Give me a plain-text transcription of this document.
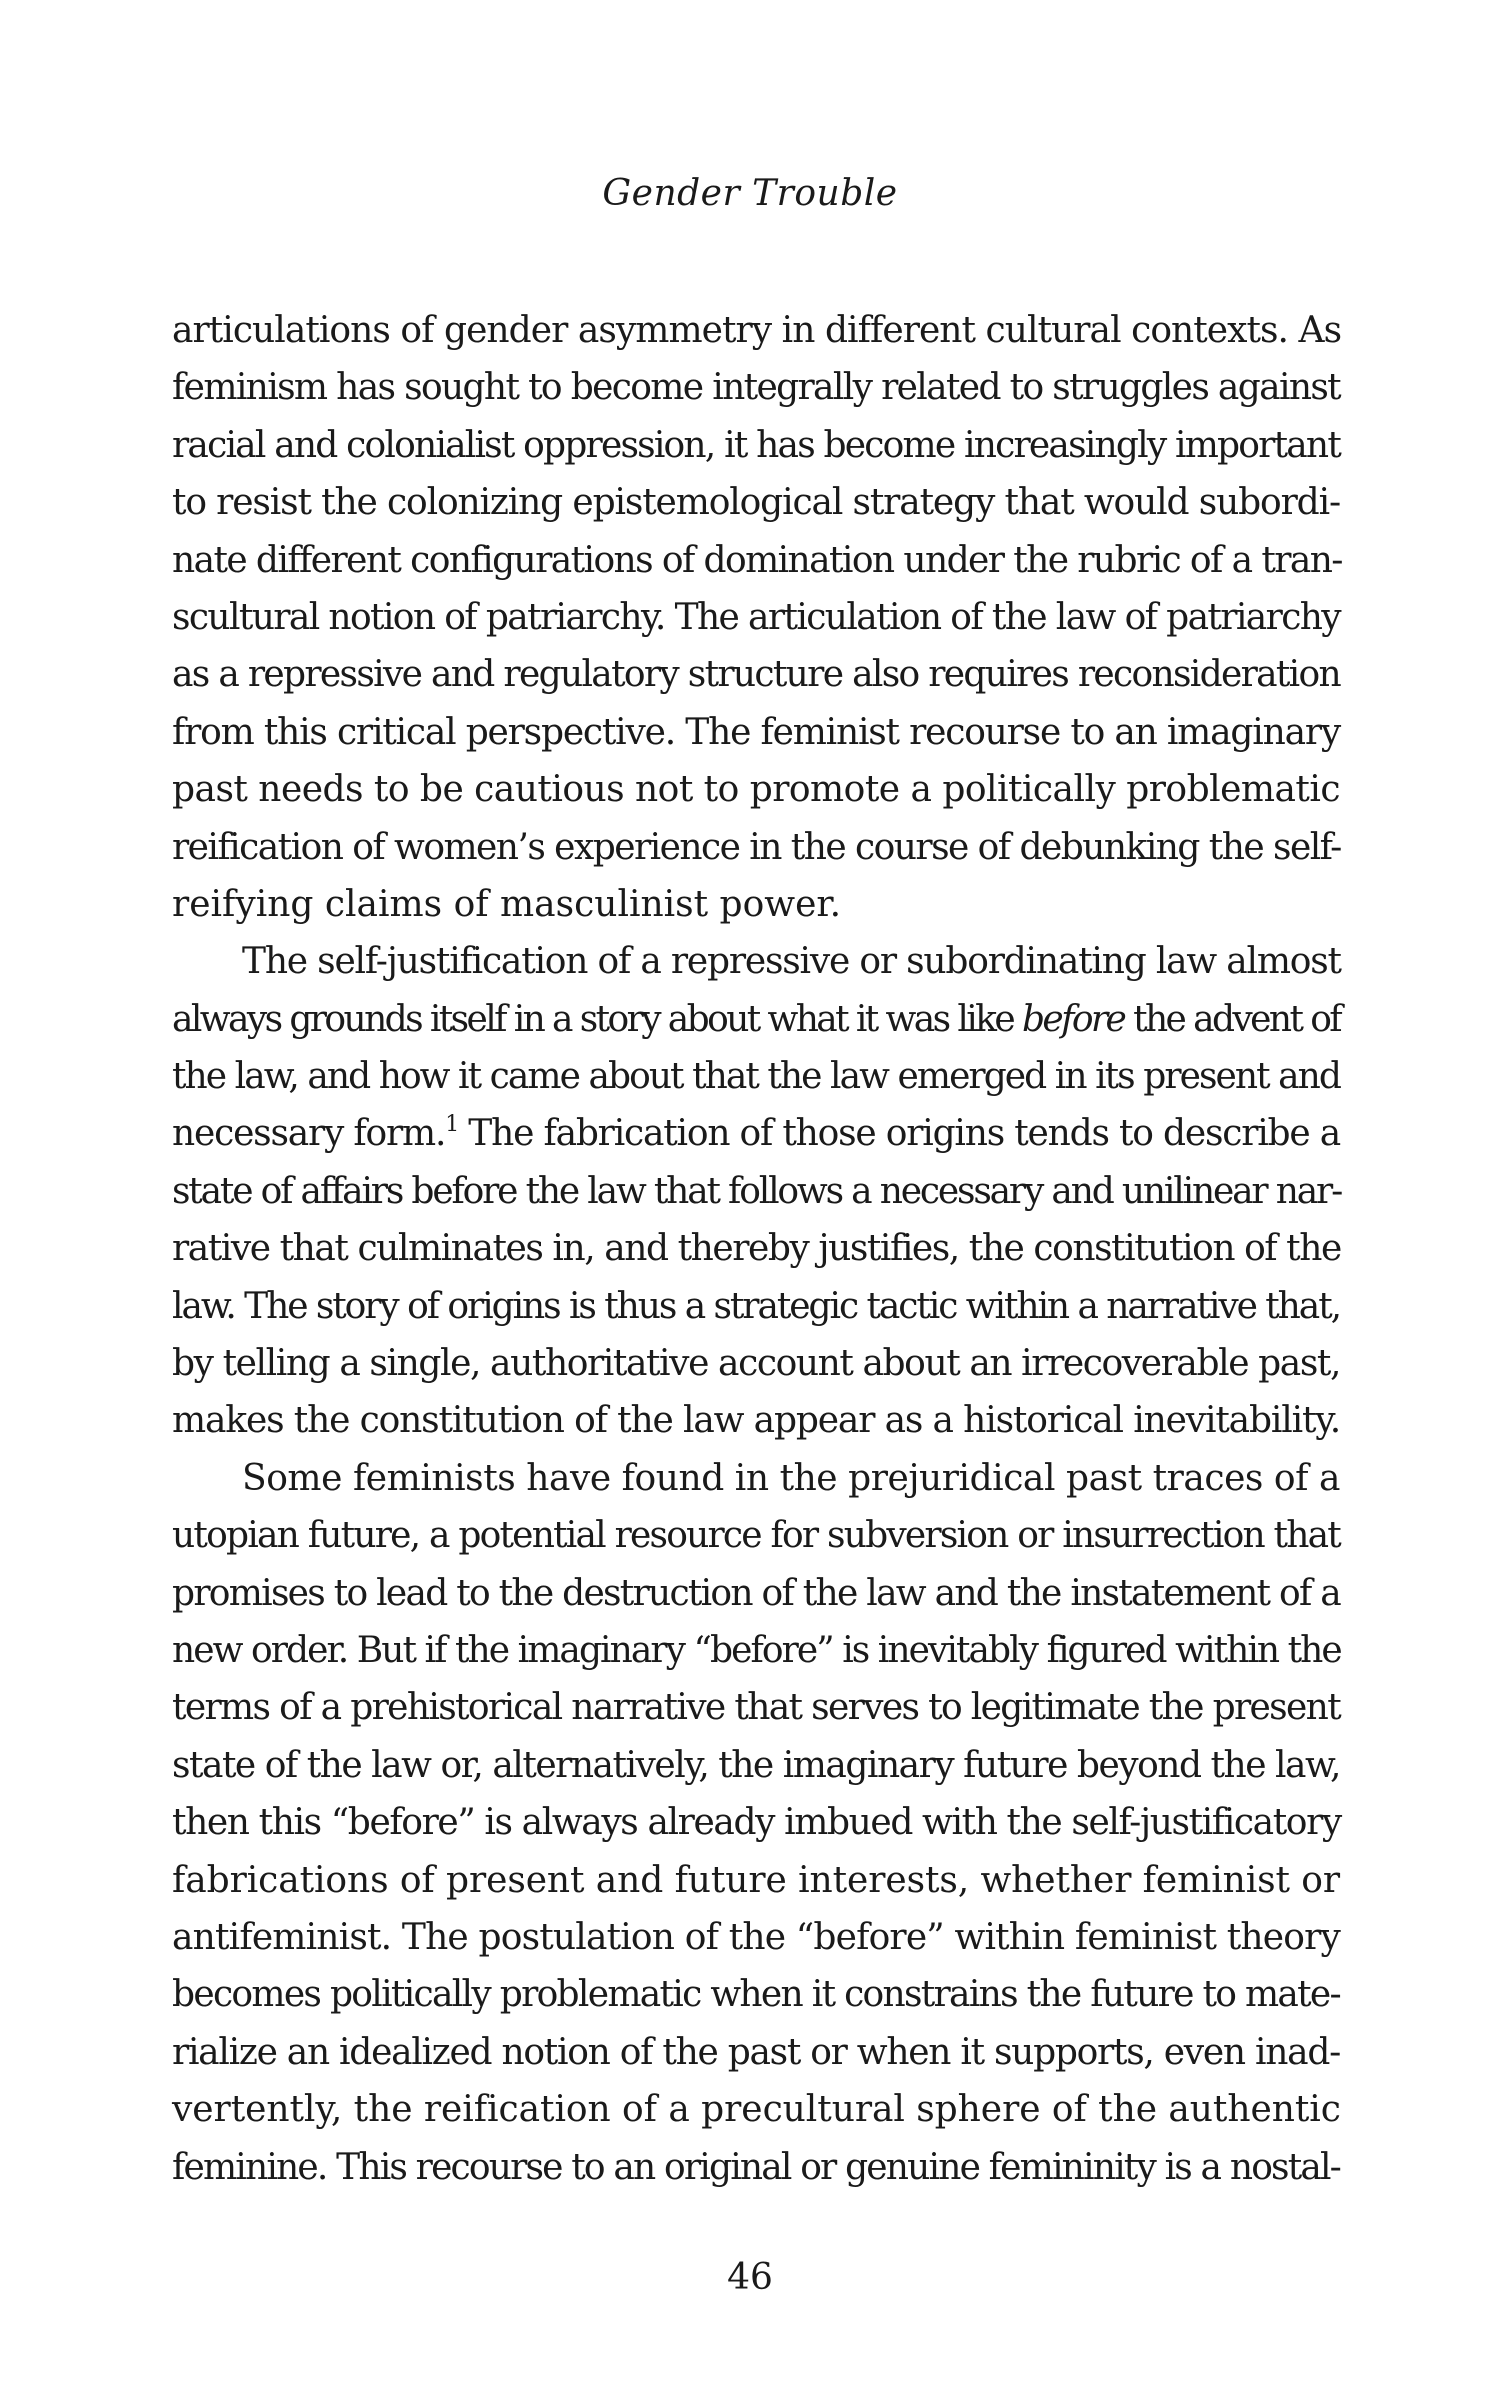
Gender Trouble
articulations of gender asymmetry in different cultural contexts. As
feminism has sought to become integrally related to struggles against
racial and colonialist oppression, it has become increasingly important
to resist the colonizing epistemological strategy that would subordi-
nate different configurations of domination under the rubric of a tran-
scultural notion of patriarchy. The articulation of the law of patriarchy
as a repressive and regulatory structure also requires reconsideration
from this critical perspective. The feminist recourse to an imaginary
past needs to be cautious not to promote a politically problematic
reification of women’s experience in the course of debunking the self-
reifying claims of masculinist power.
The self-justification of a repressive or subordinating law almost
always grounds itself in a story about what it was like before the advent of
the law, and how it came about that the law emerged in its present and
necessary form.$^1$ The fabrication of those origins tends to describe a
state of affairs before the law that follows a necessary and unilinear nar-
rative that culminates in, and thereby justifies, the constitution of the
law. The story of origins is thus a strategic tactic within a narrative that,
by telling a single, authoritative account about an irrecoverable past,
makes the constitution of the law appear as a historical inevitability.
Some feminists have found in the prejuridical past traces of a
utopian future, a potential resource for subversion or insurrection that
promises to lead to the destruction of the law and the instatement of a
new order. But if the imaginary “before” is inevitably figured within the
terms of a prehistorical narrative that serves to legitimate the present
state of the law or, alternatively, the imaginary future beyond the law,
then this “before” is always already imbued with the self-justificatory
fabrications of present and future interests, whether feminist or
antifeminist. The postulation of the “before” within feminist theory
becomes politically problematic when it constrains the future to mate-
rialize an idealized notion of the past or when it supports, even inad-
vertently, the reification of a precultural sphere of the authentic
feminine. This recourse to an original or genuine femininity is a nostal-
46
